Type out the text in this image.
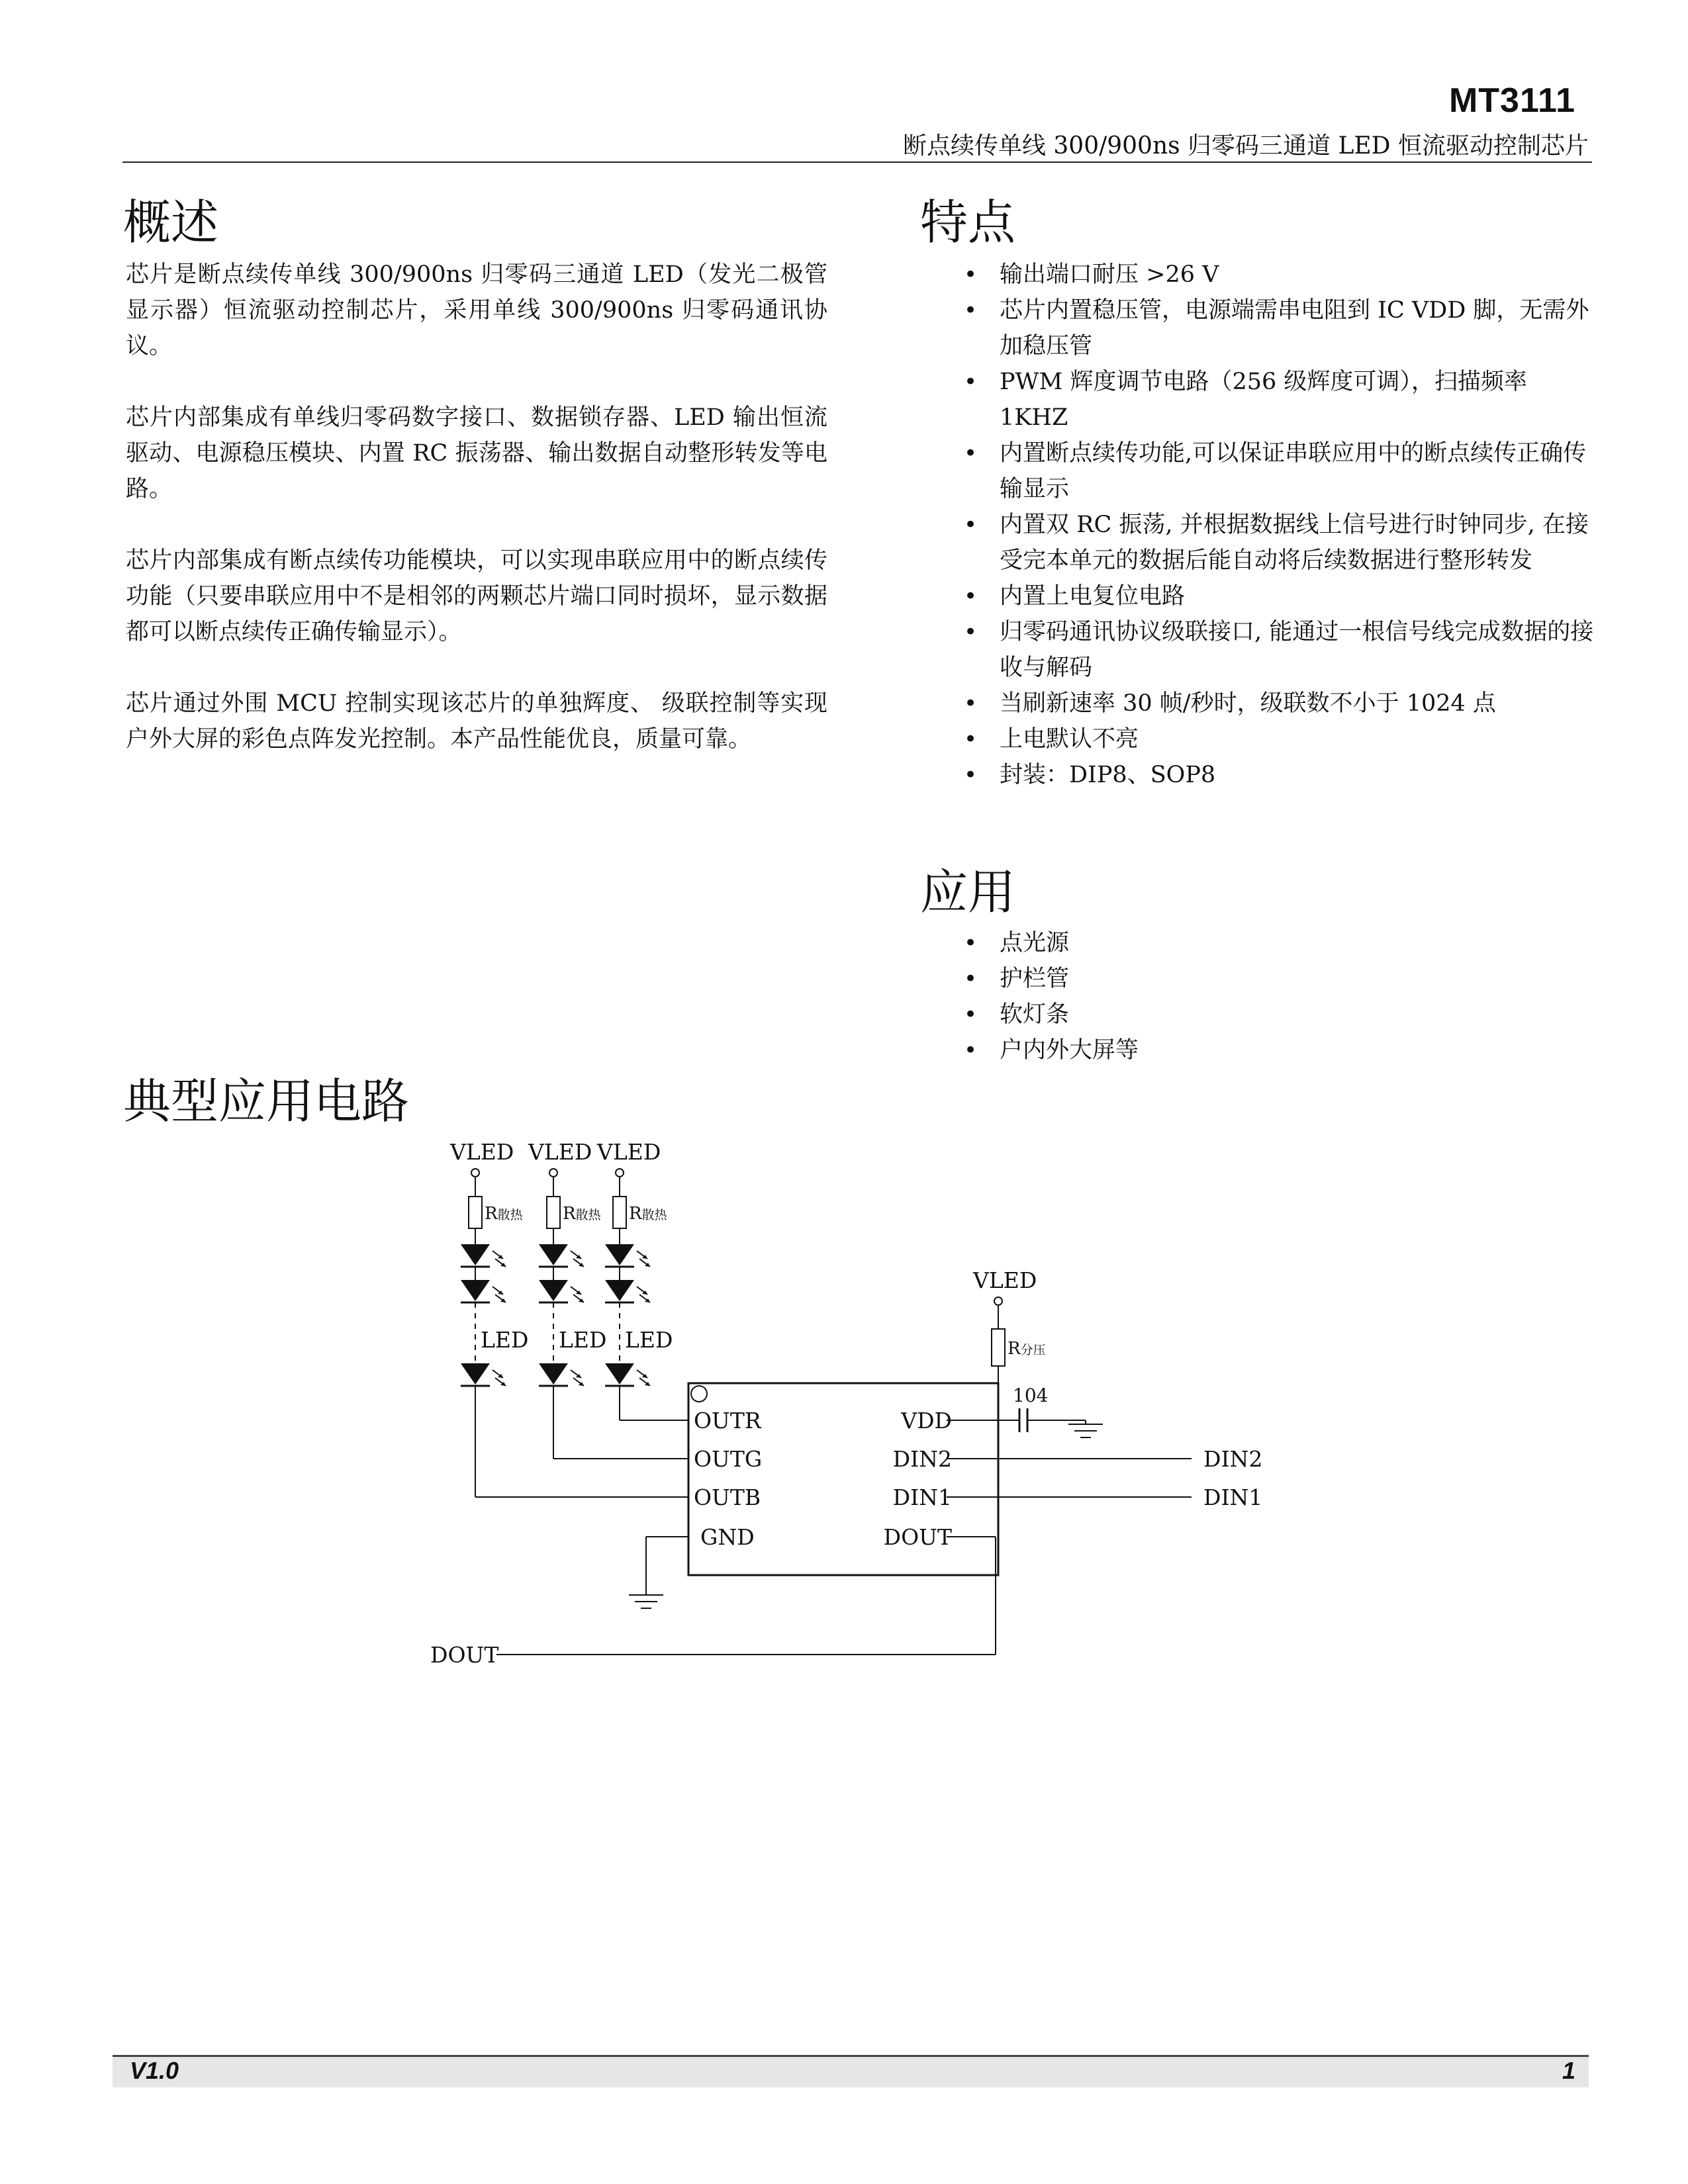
MT3111
断点续传单线 300/900ns 归零码三通道 LED 恒流驱动控制芯片
概述

芯片是断点续传单线 300/900ns 归零码三通道 LED（发光二极管显示器）恒流驱动控制芯片，采用单线 300/900ns 归零码通讯协议。

芯片内部集成有单线归零码数字接口、数据锁存器、LED 输出恒流驱动、电源稳压模块、内置 RC 振荡器、输出数据自动整形转发等电路。

芯片内部集成有断点续传功能模块，可以实现串联应用中的断点续传功能（只要串联应用中不是相邻的两颗芯片端口同时损坏，显示数据都可以断点续传正确传输显示）。

芯片通过外围 MCU 控制实现该芯片的单独辉度、 级联控制等实现户外大屏的彩色点阵发光控制。本产品性能优良，质量可靠。

特点
• 输出端口耐压 >26 V
• 芯片内置稳压管，电源端需串电阻到 IC VDD 脚，无需外加稳压管
• PWM 辉度调节电路（256 级辉度可调），扫描频率 1KHZ
• 内置断点续传功能,可以保证串联应用中的断点续传正确传输显示
• 内置双 RC 振荡, 并根据数据线上信号进行时钟同步, 在接受完本单元的数据后能自动将后续数据进行整形转发
• 内置上电复位电路
• 归零码通讯协议级联接口, 能通过一根信号线完成数据的接收与解码
• 当刷新速率 30 帧/秒时，级联数不小于 1024 点
• 上电默认不亮
• 封装：DIP8、SOP8
应用
• 点光源
• 护栏管
• 软灯条
• 户内外大屏等
典型应用电路
VLED VLED VLED
R散热 R散热 R散热
LED LED LED
VLED
R分压
104
OUTR
OUTG
OUTB
GND
VDD
DIN2
DIN1
DOUT
DIN2
DIN1
DOUT
V1.0	1
